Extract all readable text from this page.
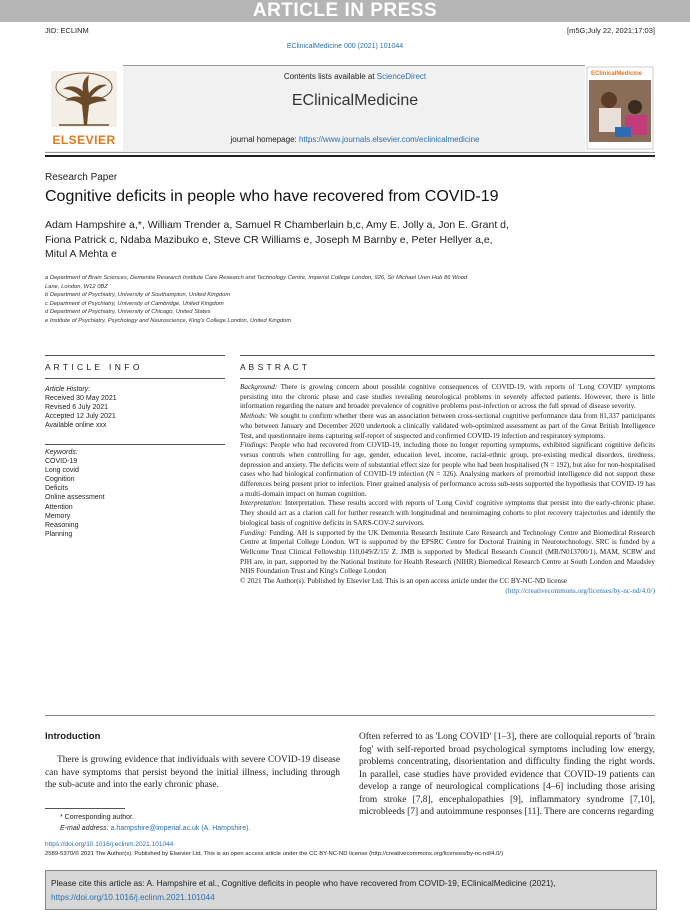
ARTICLE IN PRESS
JID: ECLINM	[m5G;July 22, 2021;17:03]
EClinicalMedicine 000 (2021) 101044
ELSEVIER
Contents lists available at ScienceDirect
EClinicalMedicine
journal homepage: https://www.journals.elsevier.com/eclinicalmedicine
EClinicalMedicine
Research Paper
Cognitive deficits in people who have recovered from COVID-19
Adam Hampshire a,*, William Trender a, Samuel R Chamberlain b,c, Amy E. Jolly a, Jon E. Grant d,
Fiona Patrick c, Ndaba Mazibuko e, Steve CR Williams e, Joseph M Barnby e, Peter Hellyer a,e,
Mitul A Mehta e
a Department of Brain Sciences, Dementia Research Institute Care Research and Technology Centre, Imperial College London, 926, Sir Michael Uren Hub 86 Wood
Lane, London, W12 0BZ
b Department of Psychiatry, University of Southampton, United Kingdom
c Department of Psychiatry, University of Cambridge, United Kingdom
d Department of Psychiatry, University of Chicago, United States
e Institute of Psychiatry, Psychology and Neuroscience, King's College London, United Kingdom
A R T I C L E   I N F O
Article History:
Received 30 May 2021
Revised 6 July 2021
Accepted 12 July 2021
Available online xxx
Keywords:
COVID-19
Long covid
Cognition
Deficits
Online assessment
Attention
Memory
Reasoning
Planning
A B S T R A C T

Background: There is growing concern about possible cognitive consequences of COVID-19, with reports of 'Long COVID' symptoms persisting into the chronic phase and case studies revealing neurological problems in severely affected patients. However, there is little information regarding the nature and broader prevalence of cognitive problems post-infection or across the full spread of disease severity.

Methods: We sought to confirm whether there was an association between cross-sectional cognitive performance data from 81,337 participants who between January and December 2020 undertook a clinically validated web-optimized assessment as part of the Great British Intelligence Test, and questionnaire items capturing self-report of suspected and confirmed COVID-19 infection and respiratory symptoms.

Findings: People who had recovered from COVID-19, including those no longer reporting symptoms, exhibited significant cognitive deficits versus controls when controlling for age, gender, education level, income, racial-ethnic group, pre-existing medical disorders, tiredness, depression and anxiety. The deficits were of substantial effect size for people who had been hospitalised (N = 192), but also for non-hospitalised cases who had biological confirmation of COVID-19 infection (N = 326). Analysing markers of premorbid intelligence did not support these differences being present prior to infection. Finer grained analysis of performance across sub-tests supported the hypothesis that COVID-19 has a multi-domain impact on human cognition.

Interpretation: Interpretation. These results accord with reports of 'Long Covid' cognitive symptoms that persist into the early-chronic phase. They should act as a clarion call for further research with longitudinal and neuroimaging cohorts to plot recovery trajectories and identify the biological basis of cognitive deficits in SARS-COV-2 survivors.

Funding: Funding. AH is supported by the UK Dementia Research Institute Care Research and Technology Centre and Biomedical Research Centre at Imperial College London. WT is supported by the EPSRC Centre for Doctoral Training in Neurotechnology. SRC is funded by a Wellcome Trust Clinical Fellowship 110,049/Z/15/ Z. JMB is supported by Medical Research Council (MR/N013700/1). MAM, SCRW and PJH are, in part, supported by the National Institute for Health Research (NIHR) Biomedical Research Centre at South London and Maudsley NHS Foundation Trust and King's College London

© 2021 The Author(s). Published by Elsevier Ltd. This is an open access article under the CC BY-NC-ND license

(http://creativecommons.org/licenses/by-nc-nd/4.0/)

Introduction
There is growing evidence that individuals with severe COVID-19 disease can have symptoms that persist beyond the initial illness, including through the sub-acute and into the early chronic phase.
Often referred to as 'Long COVID' [1–3], there are colloquial reports of 'brain fog' with self-reported broad psychological symptoms including low energy, problems concentrating, disorientation and difficulty finding the right words. In parallel, case studies have provided evidence that COVID-19 patients can develop a range of neurological complications [4–6] including those arising from stroke [7,8], encephalopathies [9], inflammatory syndrome [7,10], microbleeds [7] and autoimmune responses [11]. There are concerns regarding
* Corresponding author.
E-mail address: a.hampshire@imperial.ac.uk (A. Hampshire).
https://doi.org/10.1016/j.eclinm.2021.101044
2589-5370/© 2021 The Author(s). Published by Elsevier Ltd. This is an open access article under the CC BY-NC-ND license (http://creativecommons.org/licenses/by-nc-nd/4.0/)
Please cite this article as: A. Hampshire et al., Cognitive deficits in people who have recovered from COVID-19, EClinicalMedicine (2021),
https://doi.org/10.1016/j.eclinm.2021.101044
